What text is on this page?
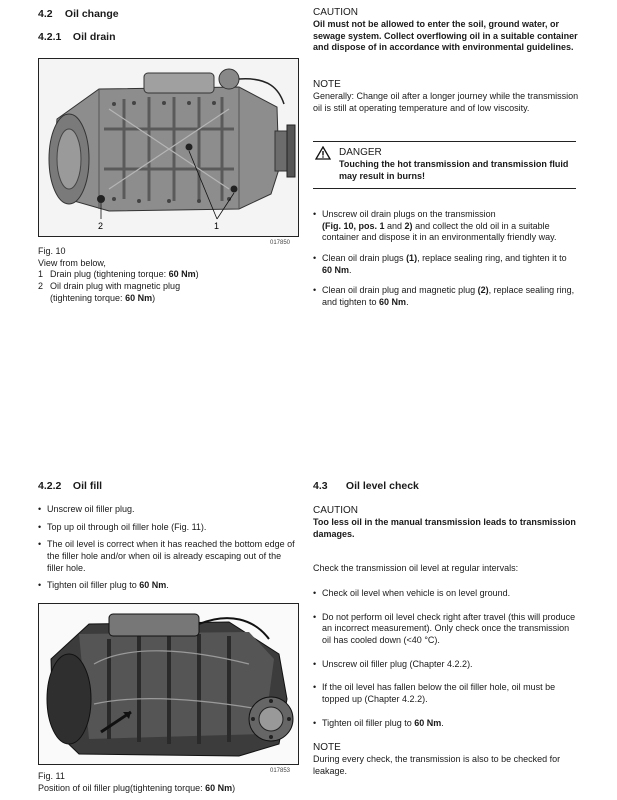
4.2 Oil change
4.2.1 Oil drain
2	1
017850
Fig. 10
View from below,
1 Drain plug (tightening torque: 60 Nm)
2 Oil drain plug with magnetic plug
(tightening torque: 60 Nm)
CAUTION

Oil must not be allowed to enter the soil, ground water, or sewage system. Collect overflowing oil in a suitable container and dispose of in accordance with environmental guidelines.

NOTE

Generally: Change oil after a longer journey while the transmission oil is still at operating temperature and of low viscosity.

DANGER

Touching the hot transmission and transmission fluid may result in burns!

• Unscrew oil drain plugs on the transmission
(Fig. 10, pos. 1 and 2) and collect the old oil in a suitable container and dispose it in an environmentally friendly way.
• Clean oil drain plugs (1), replace sealing ring, and tighten it to 60 Nm.
• Clean oil drain plug and magnetic plug (2), replace sealing ring, and tighten to 60 Nm.
4.2.2 Oil fill
• Unscrew oil filler plug.
• Top up oil through oil filler hole (Fig. 11).
• The oil level is correct when it has reached the bottom edge of the filler hole and/or when oil is already escaping out of the filler hole.
• Tighten oil filler plug to 60 Nm.
017853
Fig. 11
Position of oil filler plug(tightening torque: 60 Nm)
4.3 Oil level check
CAUTION

Too less oil in the manual transmission leads to transmission damages.

Check the transmission oil level at regular intervals:

• Check oil level when vehicle is on level ground.
• Do not perform oil level check right after travel (this will produce an incorrect measurement). Only check once the transmission oil has cooled down (<40 °C).
• Unscrew oil filler plug (Chapter 4.2.2).
• If the oil level has fallen below the oil filler hole, oil must be topped up (Chapter 4.2.2).
• Tighten oil filler plug to 60 Nm.
NOTE

During every check, the transmission is also to be checked for leakage.
